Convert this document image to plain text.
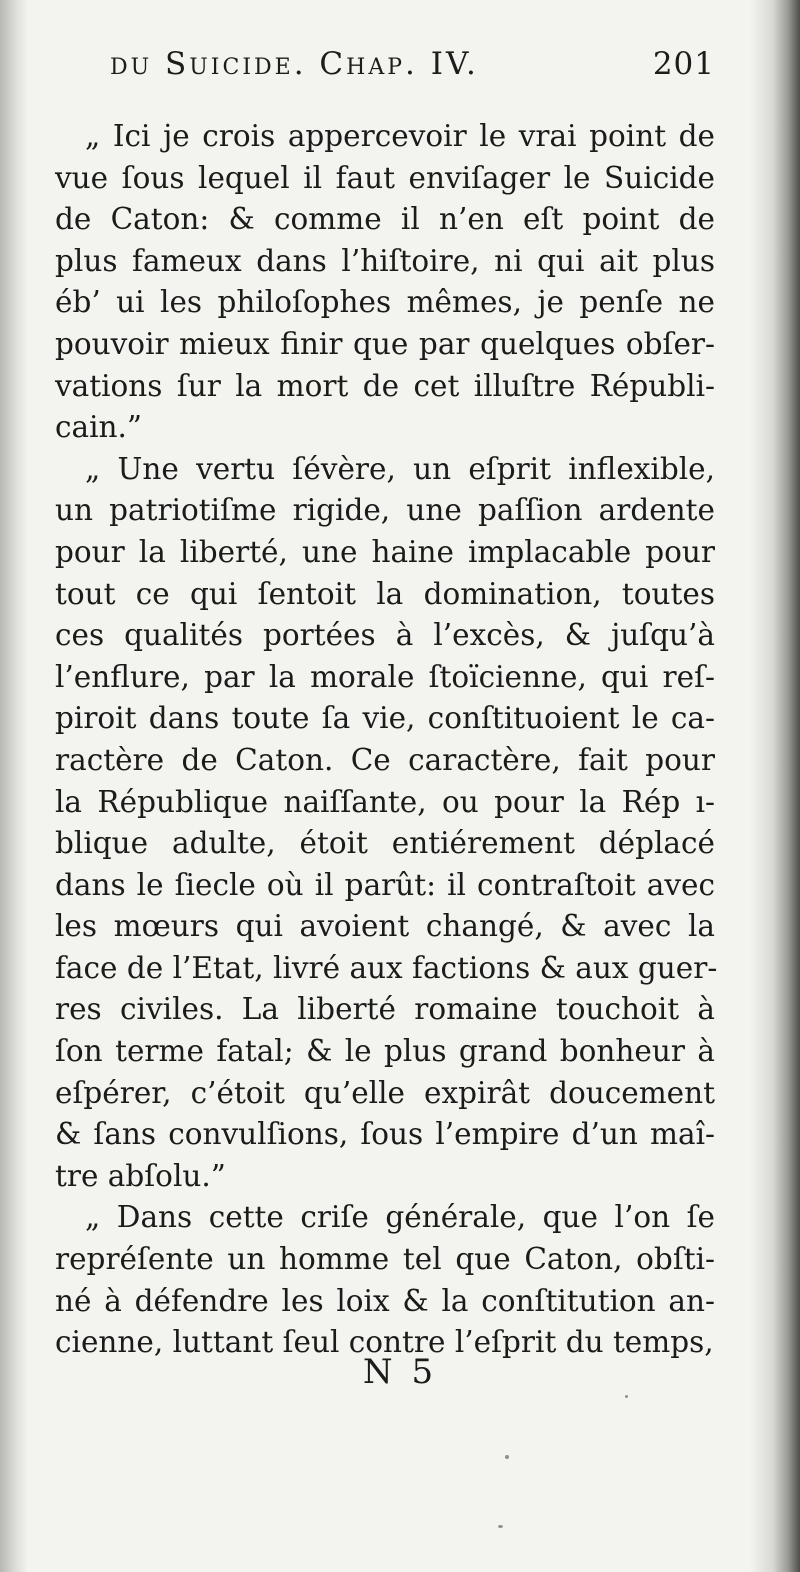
du Suicide. Chap. IV.	201
„ Ici je crois appercevoir le vrai point de
vue ſous lequel il faut enviſager le Suicide
de Caton: & comme il n’en eſt point de
plus fameux dans l’hiſtoire, ni qui ait plus
éb’ ui les philoſophes mêmes, je penſe ne
pouvoir mieux finir que par quelques obſer-
vations ſur la mort de cet illuſtre Républi-
cain.”
„ Une vertu ſévère, un eſprit inflexible,
un patriotiſme rigide, une paſſion ardente
pour la liberté, une haine implacable pour
tout ce qui ſentoit la domination, toutes
ces qualités portées à l’excès, & juſqu’à
l’enflure, par la morale ſtoïcienne, qui reſ-
piroit dans toute ſa vie, conſtituoient le ca-
ractère de Caton. Ce caractère, fait pour
la République naiſſante, ou pour la Rép ı-
blique adulte, étoit entiérement déplacé
dans le ſiecle où il parût: il contraſtoit avec
les mœurs qui avoient changé, & avec la
face de l’Etat, livré aux factions & aux guer-
res civiles. La liberté romaine touchoit à
ſon terme fatal; & le plus grand bonheur à
eſpérer, c’étoit qu’elle expirât doucement
& ſans convulſions, ſous l’empire d’un maî-
tre abſolu.”
„ Dans cette criſe générale, que l’on ſe
repréſente un homme tel que Caton, obſti-
né à défendre les loix & la conſtitution an-
cienne, luttant ſeul contre l’eſprit du temps,
N 5
